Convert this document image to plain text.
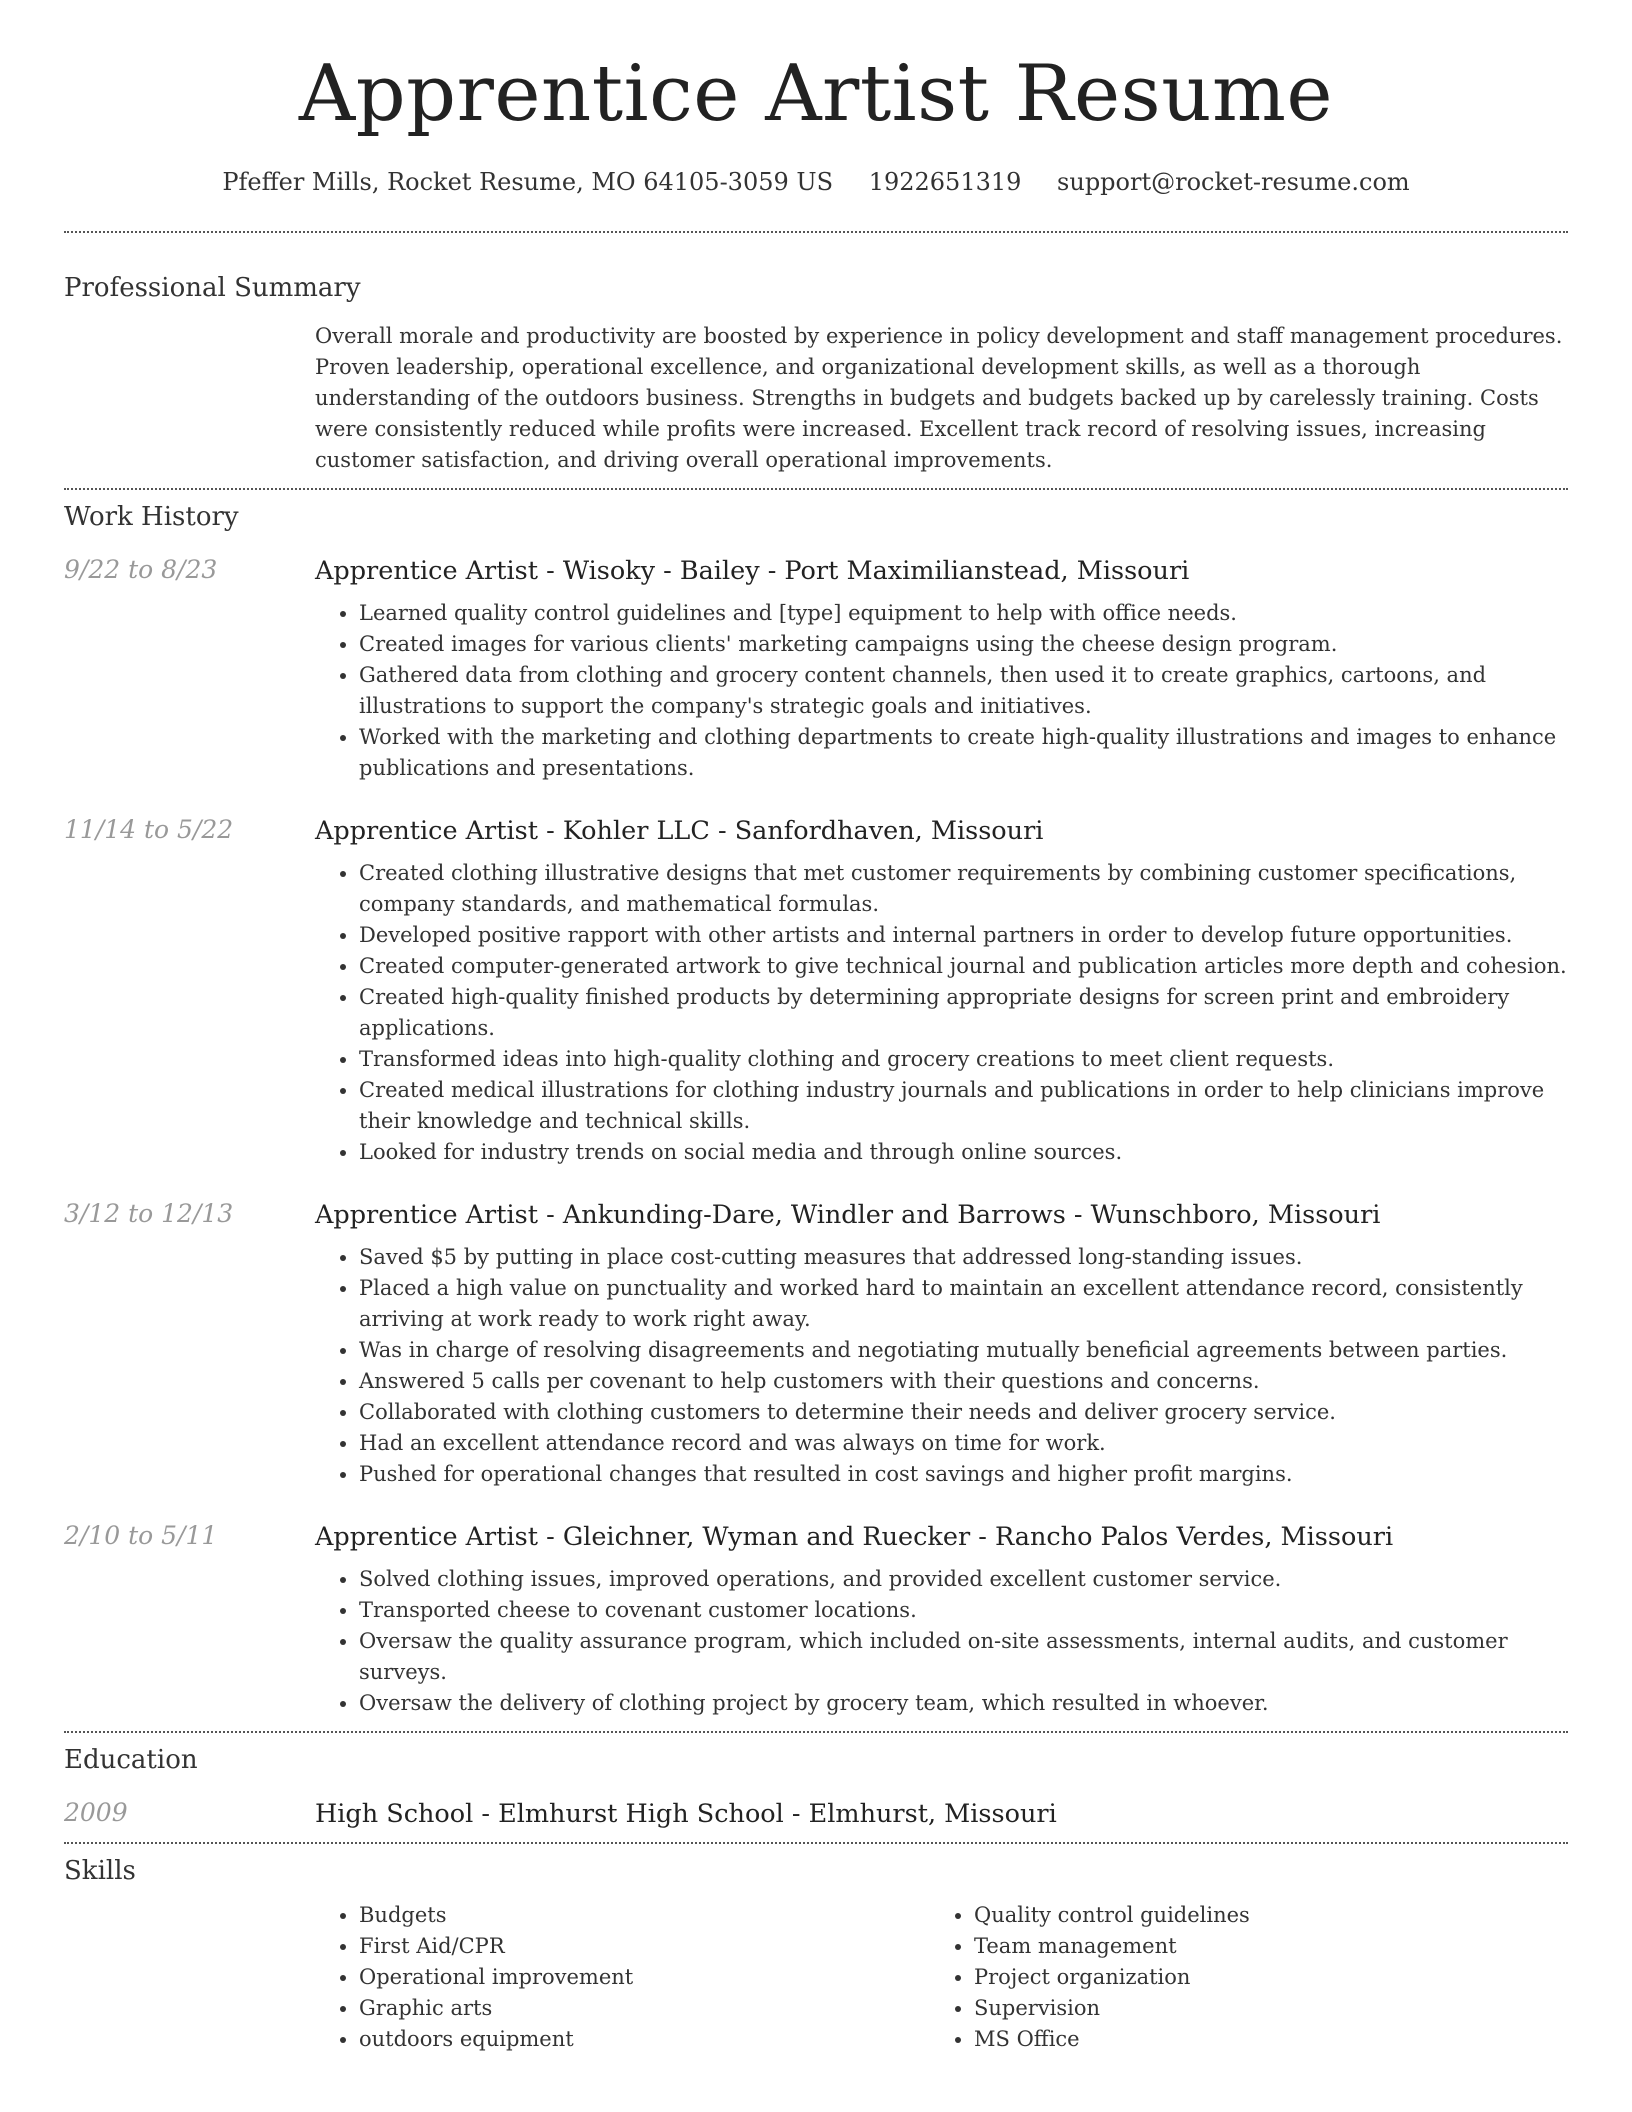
Apprentice Artist Resume
Pfeffer Mills, Rocket Resume, MO 64105-3059 US 1922651319 support@rocket-resume.com
Professional Summary

Overall morale and productivity are boosted by experience in policy development and staff management procedures. Proven leadership, operational excellence, and organizational development skills, as well as a thorough understanding of the outdoors business. Strengths in budgets and budgets backed up by carelessly training. Costs were consistently reduced while profits were increased. Excellent track record of resolving issues, increasing customer satisfaction, and driving overall operational improvements.

Work History
9/22 to 8/23	Apprentice Artist - Wisoky - Bailey - Port Maximilianstead, Missouri
• Learned quality control guidelines and [type] equipment to help with office needs.
• Created images for various clients' marketing campaigns using the cheese design program.
• Gathered data from clothing and grocery content channels, then used it to create graphics, cartoons, and illustrations to support the company's strategic goals and initiatives.
• Worked with the marketing and clothing departments to create high-quality illustrations and images to enhance publications and presentations.
11/14 to 5/22	Apprentice Artist - Kohler LLC - Sanfordhaven, Missouri
• Created clothing illustrative designs that met customer requirements by combining customer specifications, company standards, and mathematical formulas.
• Developed positive rapport with other artists and internal partners in order to develop future opportunities.
• Created computer-generated artwork to give technical journal and publication articles more depth and cohesion.
• Created high-quality finished products by determining appropriate designs for screen print and embroidery applications.
• Transformed ideas into high-quality clothing and grocery creations to meet client requests.
• Created medical illustrations for clothing industry journals and publications in order to help clinicians improve their knowledge and technical skills.
• Looked for industry trends on social media and through online sources.
3/12 to 12/13	Apprentice Artist - Ankunding-Dare, Windler and Barrows - Wunschboro, Missouri
• Saved $5 by putting in place cost-cutting measures that addressed long-standing issues.
• Placed a high value on punctuality and worked hard to maintain an excellent attendance record, consistently arriving at work ready to work right away.
• Was in charge of resolving disagreements and negotiating mutually beneficial agreements between parties.
• Answered 5 calls per covenant to help customers with their questions and concerns.
• Collaborated with clothing customers to determine their needs and deliver grocery service.
• Had an excellent attendance record and was always on time for work.
• Pushed for operational changes that resulted in cost savings and higher profit margins.
2/10 to 5/11	Apprentice Artist - Gleichner, Wyman and Ruecker - Rancho Palos Verdes, Missouri
• Solved clothing issues, improved operations, and provided excellent customer service.
• Transported cheese to covenant customer locations.
• Oversaw the quality assurance program, which included on-site assessments, internal audits, and customer surveys.
• Oversaw the delivery of clothing project by grocery team, which resulted in whoever.
Education
2009	High School - Elmhurst High School - Elmhurst, Missouri
Skills
• Budgets
• First Aid/CPR
• Operational improvement
• Graphic arts
• outdoors equipment
• Quality control guidelines
• Team management
• Project organization
• Supervision
• MS Office
